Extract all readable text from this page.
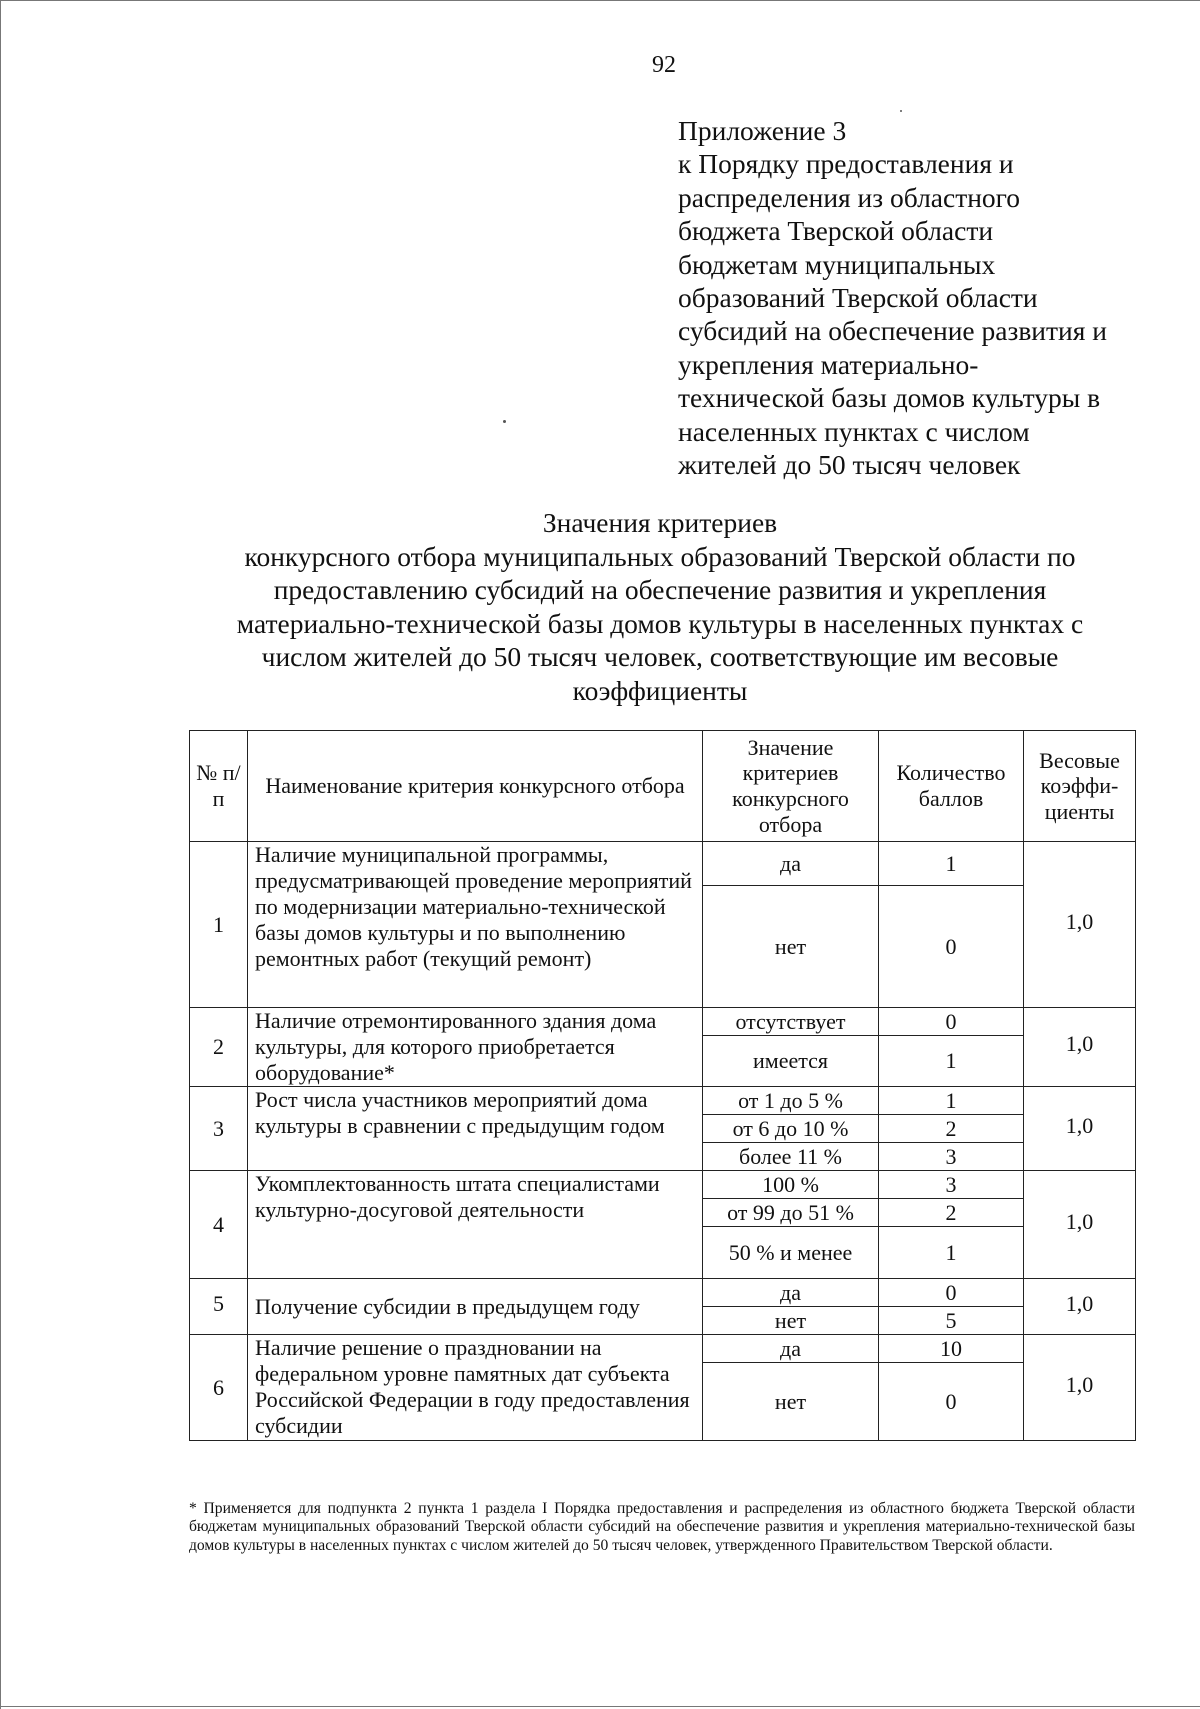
92
Приложение 3
к Порядку предоставления и
распределения из областного
бюджета Тверской области
бюджетам муниципальных
образований Тверской области
субсидий на обеспечение развития и
укрепления материально-
технической базы домов культуры в
населенных пунктах с числом
жителей до 50 тысяч человек
Значения критериев
конкурсного отбора муниципальных образований Тверской области по
предоставлению субсидий на обеспечение развития и укрепления
материально-технической базы домов культуры в населенных пунктах с
числом жителей до 50 тысяч человек, соответствующие им весовые
коэффициенты
№ п/п	Наименование критерия конкурсного отбора	Значение критериев конкурсного отбора	Количество баллов	Весовые коэффи-циенты
1	Наличие муниципальной программы, предусматривающей проведение мероприятий по модернизации материально-технической базы домов культуры и по выполнению ремонтных работ (текущий ремонт)	да	1	1,0
		нет	0	
2	Наличие отремонтированного здания дома культуры, для которого приобретается оборудование*	отсутствует	0	1,0
		имеется	1	
3	Рост числа участников мероприятий дома культуры в сравнении с предыдущим годом	от 1 до 5 %	1	1,0
		от 6 до 10 %	2	
		более 11 %	3	
4	Укомплектованность штата специалистами культурно-досуговой деятельности	100 %	3	1,0
		от 99 до 51 %	2	
		50 % и менее	1	
5	Получение субсидии в предыдущем году	да	0	1,0
		нет	5	
6	Наличие решение о праздновании на федеральном уровне памятных дат субъекта Российской Федерации в году предоставления субсидии	да	10	1,0
		нет	0	
* Применяется для подпункта 2 пункта 1 раздела I Порядка предоставления и распределения из областного бюджета Тверской области бюджетам муниципальных образований Тверской области субсидий на обеспечение развития и укрепления материально-технической базы домов культуры в населенных пунктах с числом жителей до 50 тысяч человек, утвержденного Правительством Тверской области.
